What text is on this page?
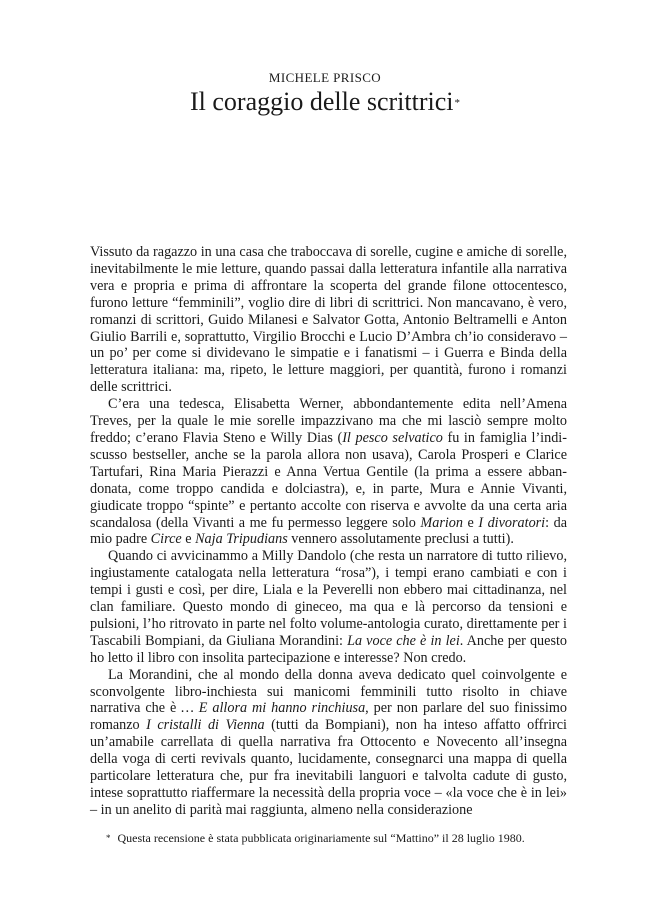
MICHELE PRISCO
Il coraggio delle scrittrici*

Vissuto da ragazzo in una casa che traboccava di sorelle, cugine e amiche di sorelle, inevitabilmente le mie letture, quando passai dalla letteratura infantile alla narrativa vera e propria e prima di affrontare la scoperta del grande filone ottocentesco, furono letture “femminili”, voglio dire di libri di scrittrici. Non mancavano, è vero, romanzi di scrittori, Guido Milanesi e Salvator Gotta, Antonio Beltramelli e Anton Giulio Barrili e, soprattutto, Virgilio Brocchi e Lucio D’Ambra ch’io consideravo – un po’ per come si dividevano le simpatie e i fanatismi – i Guerra e Binda della letteratura italiana: ma, ripeto, le letture maggiori, per quantità, furono i romanzi delle scrittrici.

C’era una tedesca, Elisabetta Werner, abbondantemente edita nell’Amena Treves, per la quale le mie sorelle impazzivano ma che mi lasciò sempre molto freddo; c’erano Flavia Steno e Willy Dias (Il pesco selvatico fu in famiglia l’indiscusso bestseller, anche se la parola allora non usava), Carola Prosperi e Clarice Tartufari, Rina Maria Pierazzi e Anna Vertua Gentile (la prima a essere abbandonata, come troppo candida e dolciastra), e, in parte, Mura e Annie Vivanti, giudicate troppo “spinte” e pertanto accolte con riserva e avvolte da una certa aria scandalosa (della Vivanti a me fu permesso leggere solo Marion e I divoratori: da mio padre Circe e Naja Tripudians vennero assolutamente preclusi a tutti).

Quando ci avvicinammo a Milly Dandolo (che resta un narratore di tutto rilievo, ingiustamente catalogata nella letteratura “rosa”), i tempi erano cambiati e con i tempi i gusti e così, per dire, Liala e la Peverelli non ebbero mai cittadinanza, nel clan familiare. Questo mondo di gineceo, ma qua e là percorso da tensioni e pulsioni, l’ho ritrovato in parte nel folto volume-antologia curato, direttamente per i Tascabili Bompiani, da Giuliana Morandini: La voce che è in lei. Anche per questo ho letto il libro con insolita partecipazione e interesse? Non credo.

La Morandini, che al mondo della donna aveva dedicato quel coinvolgente e sconvolgente libro-inchiesta sui manicomi femminili tutto risolto in chiave narrativa che è … E allora mi hanno rinchiusa, per non parlare del suo finissimo romanzo I cristalli di Vienna (tutti da Bompiani), non ha inteso affatto offrirci un’amabile carrellata di quella narrativa fra Ottocento e Novecento all’insegna della voga di certi revivals quanto, lucidamente, consegnarci una mappa di quella particolare letteratura che, pur fra inevitabili languori e talvolta cadute di gusto, intese soprattutto riaffermare la necessità della propria voce – «la voce che è in lei» – in un anelito di parità mai raggiunta, almeno nella considerazione

* Questa recensione è stata pubblicata originariamente sul “Mattino” il 28 luglio 1980.
